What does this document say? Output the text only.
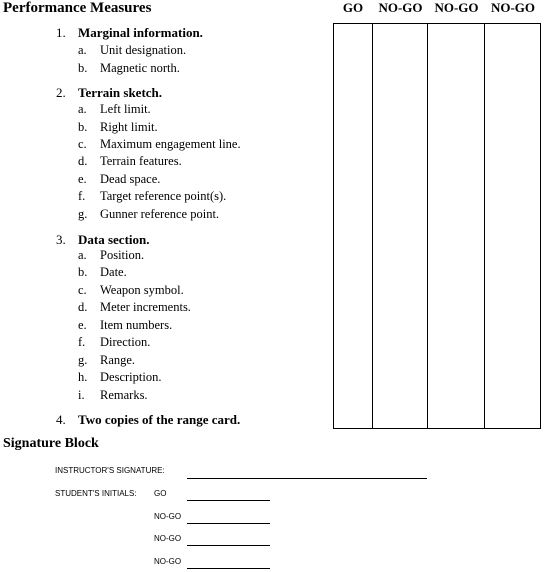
Performance Measures	GO	NO-GO NO-GO NO-GO
1. Marginal information.
a. Unit designation.
b. Magnetic north.
2. Terrain sketch.
a. Left limit.
b. Right limit.
c. Maximum engagement line.
d. Terrain features.
e. Dead space.
f. Target reference point(s).
g. Gunner reference point.
3. Data section.
a. Position.
b. Date.
c. Weapon symbol.
d. Meter increments.
e. Item numbers.
f. Direction.
g. Range.
h. Description.
i. Remarks.
4. Two copies of the range card.
Signature Block
INSTRUCTOR'S SIGNATURE:
STUDENT'S INITIALS: GO
NO-GO
NO-GO
NO-GO
